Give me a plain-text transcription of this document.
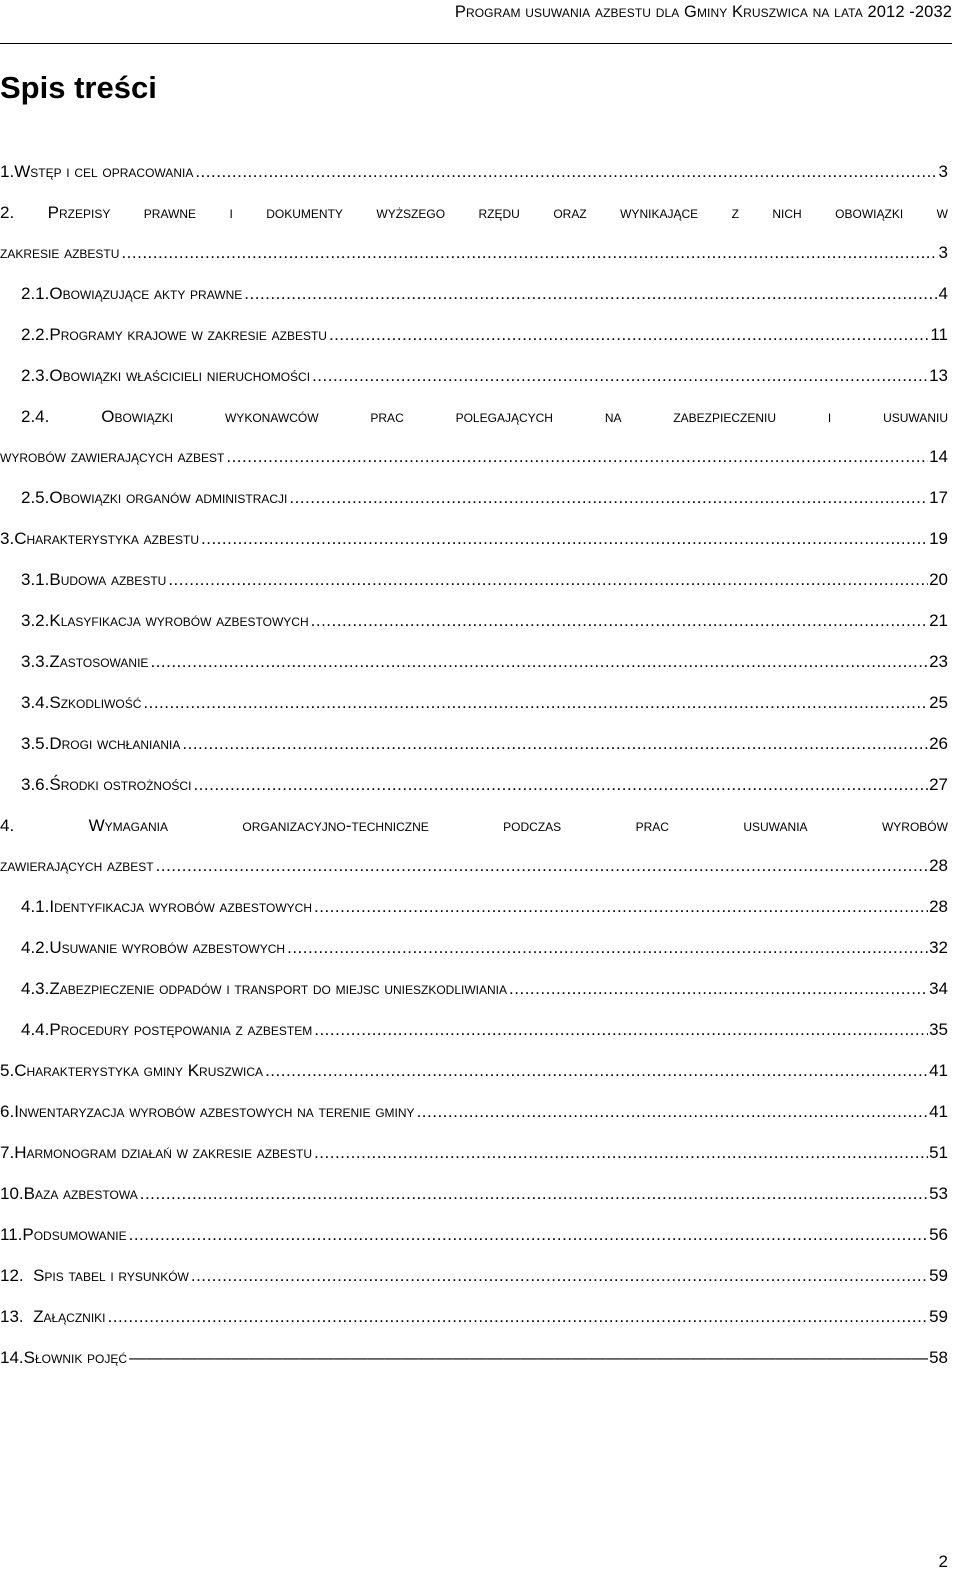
Program usuwania azbestu dla Gminy Kruszwica na lata 2012 -2032
Spis treści
1. Wstęp i cel opracowania .....	3
2. Przepisy prawne i dokumenty wyższego rzędu oraz wynikające z nich obowiązki w
zakresie azbestu .....	3
2.1. Obowiązujące akty prawne .....	4
2.2. Programy krajowe w zakresie azbestu .....	11
2.3. Obowiązki właścicieli nieruchomości .....	13
2.4.	Obowiązki	wykonawców	prac	polegających	na	zabezpieczeniu	i	usuwaniu
wyrobów zawierających azbest .....	14
2.5. Obowiązki organów administracji .....	17
3. Charakterystyka azbestu .....	19
3.1. Budowa azbestu .....	20
3.2. Klasyfikacja wyrobów azbestowych .....	21
3.3. Zastosowanie .....	23
3.4. Szkodliwość .....	25
3.5. Drogi wchłaniania .....	26
3.6. Środki ostrożności .....	27
4.	Wymagania	organizacyjno-techniczne	podczas	prac	usuwania	wyrobów
zawierających azbest .....	28
4.1. Identyfikacja wyrobów azbestowych .....	28
4.2. Usuwanie wyrobów azbestowych .....	32
4.3. Zabezpieczenie odpadów i transport do miejsc unieszkodliwiania .....	34
4.4. Procedury postępowania z azbestem .....	35
5. Charakterystyka gminy Kruszwica .....	41
6. Inwentaryzacja wyrobów azbestowych na terenie gminy .....	41
7. Harmonogram działań w zakresie azbestu .....	51
10. Baza azbestowa .....	53
11. Podsumowanie .....	56
12. Spis tabel i rysunków .....	59
13. Załączniki .....	59
14. Słownik pojęć —————	58
2
